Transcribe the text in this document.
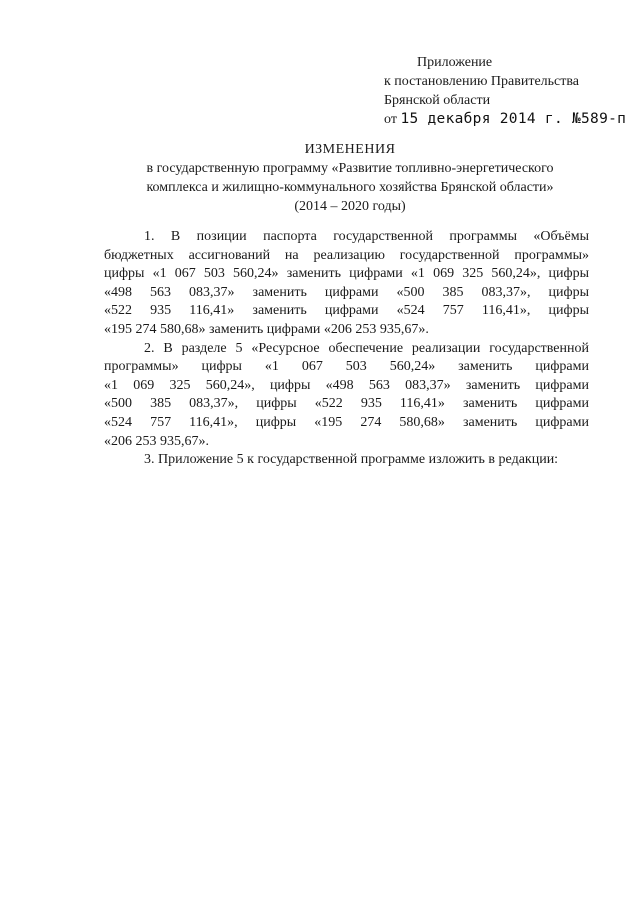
Приложение
к постановлению Правительства
Брянской области
от 15 декабря 2014 г. №589-п
ИЗМЕНЕНИЯ
в государственную программу «Развитие топливно-энергетического
комплекса и жилищно-коммунального хозяйства Брянской области»
(2014 – 2020 годы)
1. В позиции паспорта государственной программы «Объёмы
бюджетных ассигнований на реализацию государственной программы»
цифры «1 067 503 560,24» заменить цифрами «1 069 325 560,24», цифры
«498 563 083,37» заменить цифрами «500 385 083,37», цифры
«522 935 116,41» заменить цифрами «524 757 116,41», цифры
«195 274 580,68» заменить цифрами «206 253 935,67».
2. В разделе 5 «Ресурсное обеспечение реализации государственной
программы» цифры «1 067 503 560,24» заменить цифрами
«1 069 325 560,24», цифры «498 563 083,37» заменить цифрами
«500 385 083,37», цифры «522 935 116,41» заменить цифрами
«524 757 116,41», цифры «195 274 580,68» заменить цифрами
«206 253 935,67».

3. Приложение 5 к государственной программе изложить в редакции:
